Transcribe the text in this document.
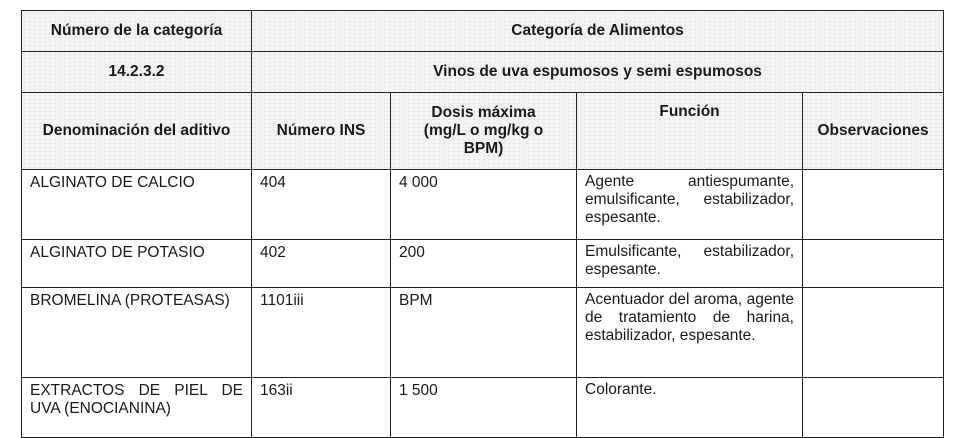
Número de la categoría	Categoría de Alimentos			
14.2.3.2	Vinos de uva espumosos y semi espumosos			
Denominación del aditivo	Número INS	Dosis máxima (mg/L o mg/kg o BPM)	Función	Observaciones

ALGINATO DE CALCIO	404	4 000	Agente antiespumante, emulsificante, estabilizador, espesante.	

ALGINATO DE POTASIO	402	200	Emulsificante, estabilizador, espesante.	

BROMELINA (PROTEASAS)	1101iii	BPM	Acentuador del aroma, agente de tratamiento de harina, estabilizador, espesante.	

EXTRACTOS DE PIEL DE UVA (ENOCIANINA)	163ii	1 500	Colorante.	
